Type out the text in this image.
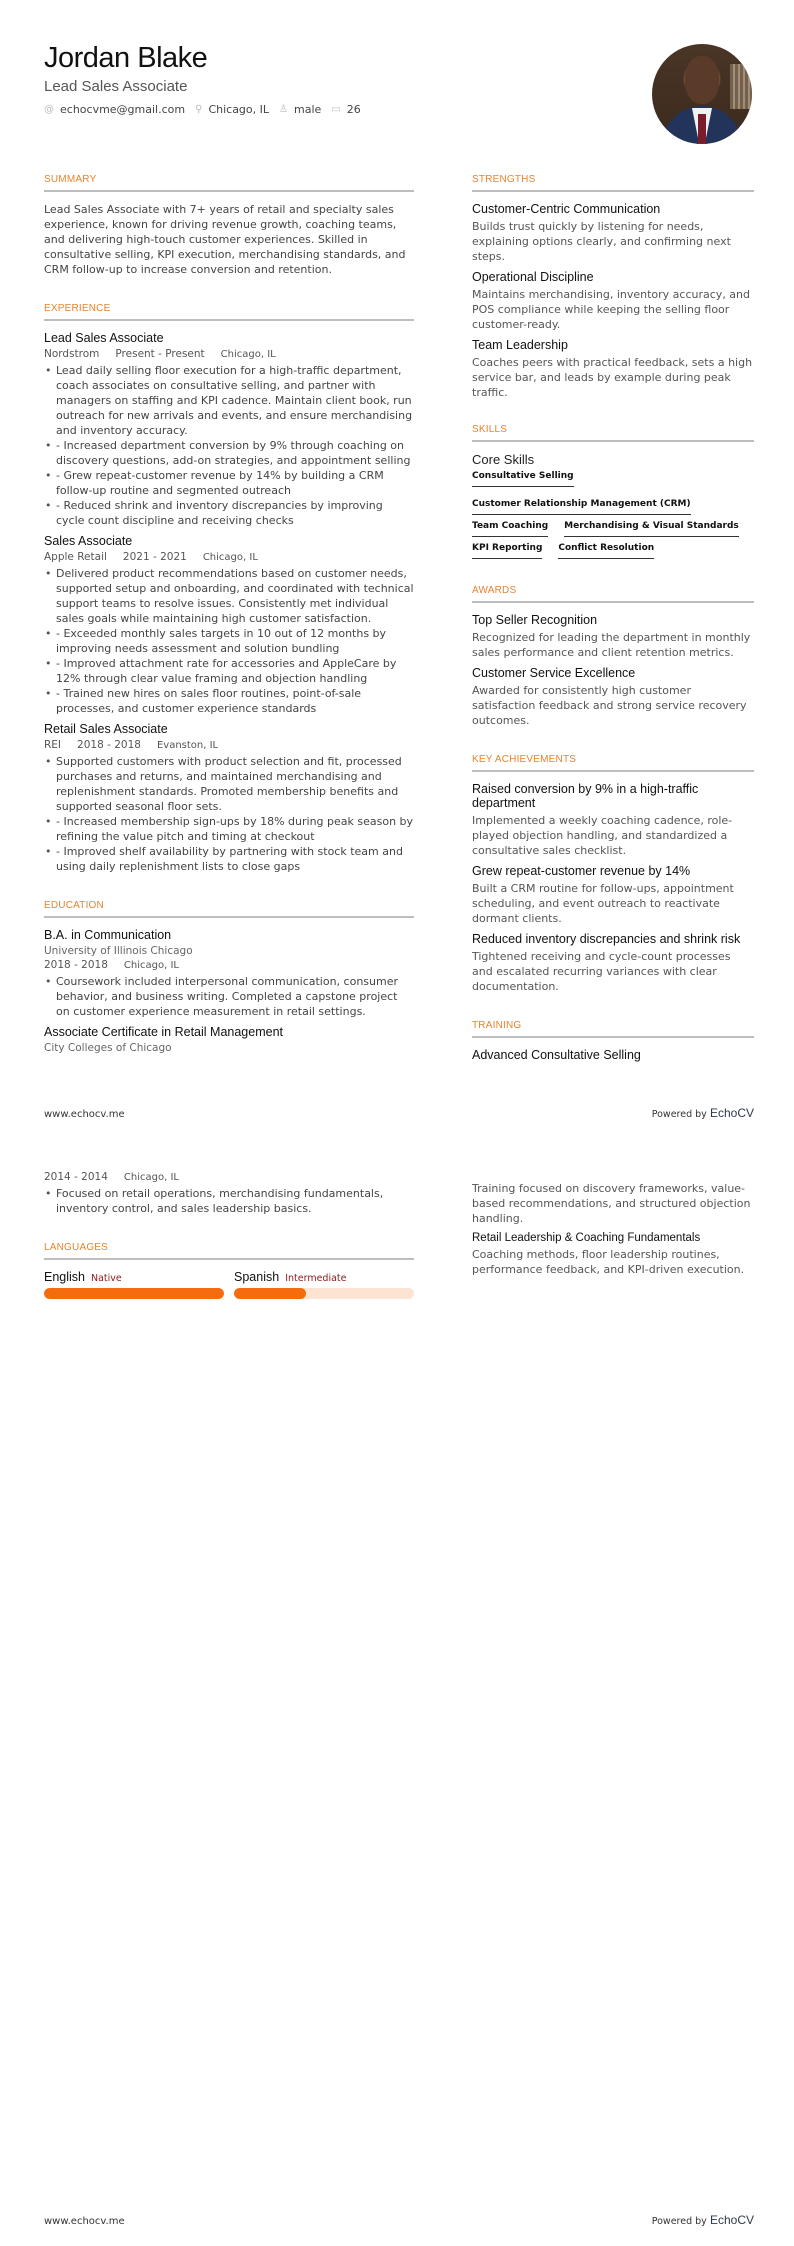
Jordan Blake
Lead Sales Associate
@ echocvme@gmail.com ⚲ Chicago, IL ♙ male ▭ 26
SUMMARY
Lead Sales Associate with 7+ years of retail and specialty sales experience, known for driving revenue growth, coaching teams, and delivering high-touch customer experiences. Skilled in consultative selling, KPI execution, merchandising standards, and CRM follow-up to increase conversion and retention.
EXPERIENCE
Lead Sales Associate
Nordstrom Present - Present Chicago, IL
• Lead daily selling floor execution for a high-traffic department, coach associates on consultative selling, and partner with managers on staffing and KPI cadence. Maintain client book, run outreach for new arrivals and events, and ensure merchandising and inventory accuracy.
• - Increased department conversion by 9% through coaching on discovery questions, add-on strategies, and appointment selling
• - Grew repeat-customer revenue by 14% by building a CRM follow-up routine and segmented outreach
• - Reduced shrink and inventory discrepancies by improving cycle count discipline and receiving checks
Sales Associate
Apple Retail 2021 - 2021 Chicago, IL
• Delivered product recommendations based on customer needs, supported setup and onboarding, and coordinated with technical support teams to resolve issues. Consistently met individual sales goals while maintaining high customer satisfaction.
• - Exceeded monthly sales targets in 10 out of 12 months by improving needs assessment and solution bundling
• - Improved attachment rate for accessories and AppleCare by 12% through clear value framing and objection handling
• - Trained new hires on sales floor routines, point-of-sale processes, and customer experience standards
Retail Sales Associate
REI 2018 - 2018 Evanston, IL
• Supported customers with product selection and fit, processed purchases and returns, and maintained merchandising and replenishment standards. Promoted membership benefits and supported seasonal floor sets.
• - Increased membership sign-ups by 18% during peak season by refining the value pitch and timing at checkout
• - Improved shelf availability by partnering with stock team and using daily replenishment lists to close gaps
EDUCATION
B.A. in Communication
University of Illinois Chicago
2018 - 2018 Chicago, IL
• Coursework included interpersonal communication, consumer behavior, and business writing. Completed a capstone project on customer experience measurement in retail settings.
Associate Certificate in Retail Management
City Colleges of Chicago
STRENGTHS
Customer-Centric Communication
Builds trust quickly by listening for needs, explaining options clearly, and confirming next steps.
Operational Discipline
Maintains merchandising, inventory accuracy, and POS compliance while keeping the selling floor customer-ready.
Team Leadership
Coaches peers with practical feedback, sets a high service bar, and leads by example during peak traffic.
SKILLS
Core Skills
Consultative Selling
Customer Relationship Management (CRM)
Team Coaching Merchandising & Visual Standards
KPI Reporting Conflict Resolution
AWARDS
Top Seller Recognition
Recognized for leading the department in monthly sales performance and client retention metrics.
Customer Service Excellence
Awarded for consistently high customer satisfaction feedback and strong service recovery outcomes.
KEY ACHIEVEMENTS
Raised conversion by 9% in a high-traffic department
Implemented a weekly coaching cadence, role-played objection handling, and standardized a consultative sales checklist.
Grew repeat-customer revenue by 14%
Built a CRM routine for follow-ups, appointment scheduling, and event outreach to reactivate dormant clients.
Reduced inventory discrepancies and shrink risk
Tightened receiving and cycle-count processes and escalated recurring variances with clear documentation.
TRAINING
Advanced Consultative Selling
www.echocv.me	Powered by EchoCV
2014 - 2014 Chicago, IL
• Focused on retail operations, merchandising fundamentals, inventory control, and sales leadership basics.
LANGUAGES
English Native	Spanish Intermediate
Training focused on discovery frameworks, value-based recommendations, and structured objection handling.
Retail Leadership & Coaching Fundamentals
Coaching methods, floor leadership routines, performance feedback, and KPI-driven execution.
www.echocv.me	Powered by EchoCV
